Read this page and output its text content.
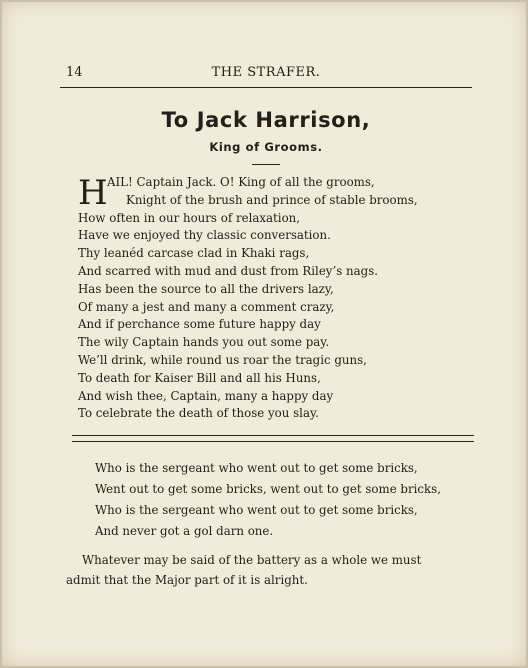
14	THE STRAFER.
To Jack Harrison,
King of Grooms.
H AIL! Captain Jack. O! King of all the grooms,
Knight of the brush and prince of stable brooms,
How often in our hours of relaxation,
Have we enjoyed thy classic conversation.
Thy leanéd carcase clad in Khaki rags,
And scarred with mud and dust from Riley’s nags.
Has been the source to all the drivers lazy,
Of many a jest and many a comment crazy,
And if perchance some future happy day
The wily Captain hands you out some pay.
We’ll drink, while round us roar the tragic guns,
To death for Kaiser Bill and all his Huns,
And wish thee, Captain, many a happy day
To celebrate the death of those you slay.
Who is the sergeant who went out to get some bricks,
Went out to get some bricks, went out to get some bricks,
Who is the sergeant who went out to get some bricks,
And never got a gol darn one.
Whatever may be said of the battery as a whole we must
admit that the Major part of it is alright.
